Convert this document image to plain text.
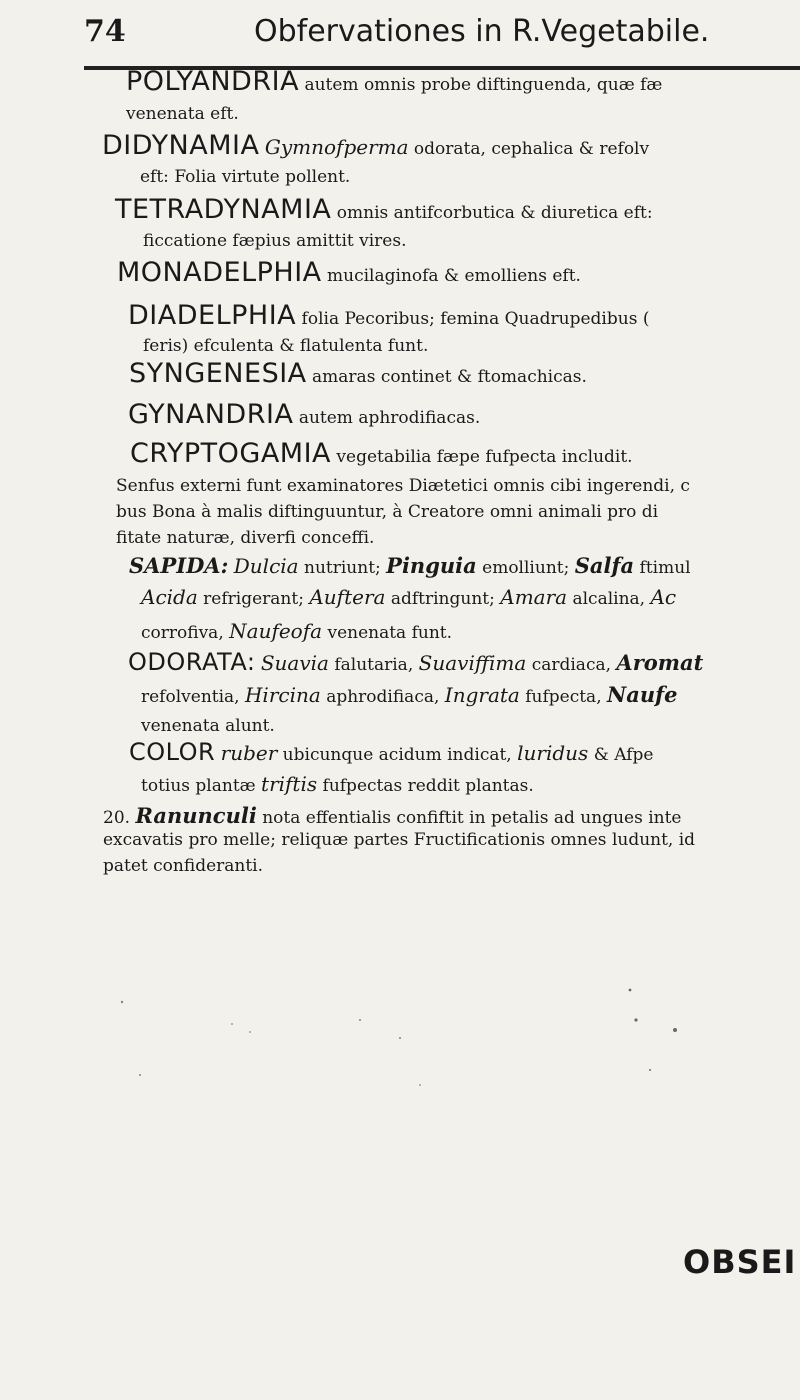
74	Obfervationes in R.Vegetabile.
POLYANDRIA autem omnis probe diftinguenda, quæ fæ
venenata eft.
DIDYNAMIA Gymnofperma odorata, cephalica & refolv
eft: Folia virtute pollent.
TETRADYNAMIA omnis antifcorbutica & diuretica eft:
ficcatione fæpius amittit vires.
MONADELPHIA mucilaginofa & emolliens eft.
DIADELPHIA folia Pecoribus; femina Quadrupedibus (
feris) efculenta & flatulenta funt.
SYNGENESIA amaras continet & ftomachicas.
GYNANDRIA autem aphrodifiacas.
CRYPTOGAMIA vegetabilia fæpe fufpecta includit.
Senfus externi funt examinatores Diætetici omnis cibi ingerendi, c
bus Bona à malis diftinguuntur, à Creatore omni animali pro di
fitate naturæ, diverfi conceffi.
SAPIDA: Dulcia nutriunt; Pinguia emolliunt; Salfa ftimul
Acida refrigerant; Auftera adftringunt; Amara alcalina, Ac
corrofiva, Naufeofa venenata funt.
ODORATA: Suavia falutaria, Suaviffima cardiaca, Aromat
refolventia, Hircina aphrodifiaca, Ingrata fufpecta, Naufe
venenata alunt.
COLOR ruber ubicunque acidum indicat, luridus & Afpe
totius plantæ triftis fufpectas reddit plantas.
20. Ranunculi nota effentialis confiftit in petalis ad ungues inte
excavatis pro melle; reliquæ partes Fructificationis omnes ludunt, id
patet confideranti.
OBSEI
